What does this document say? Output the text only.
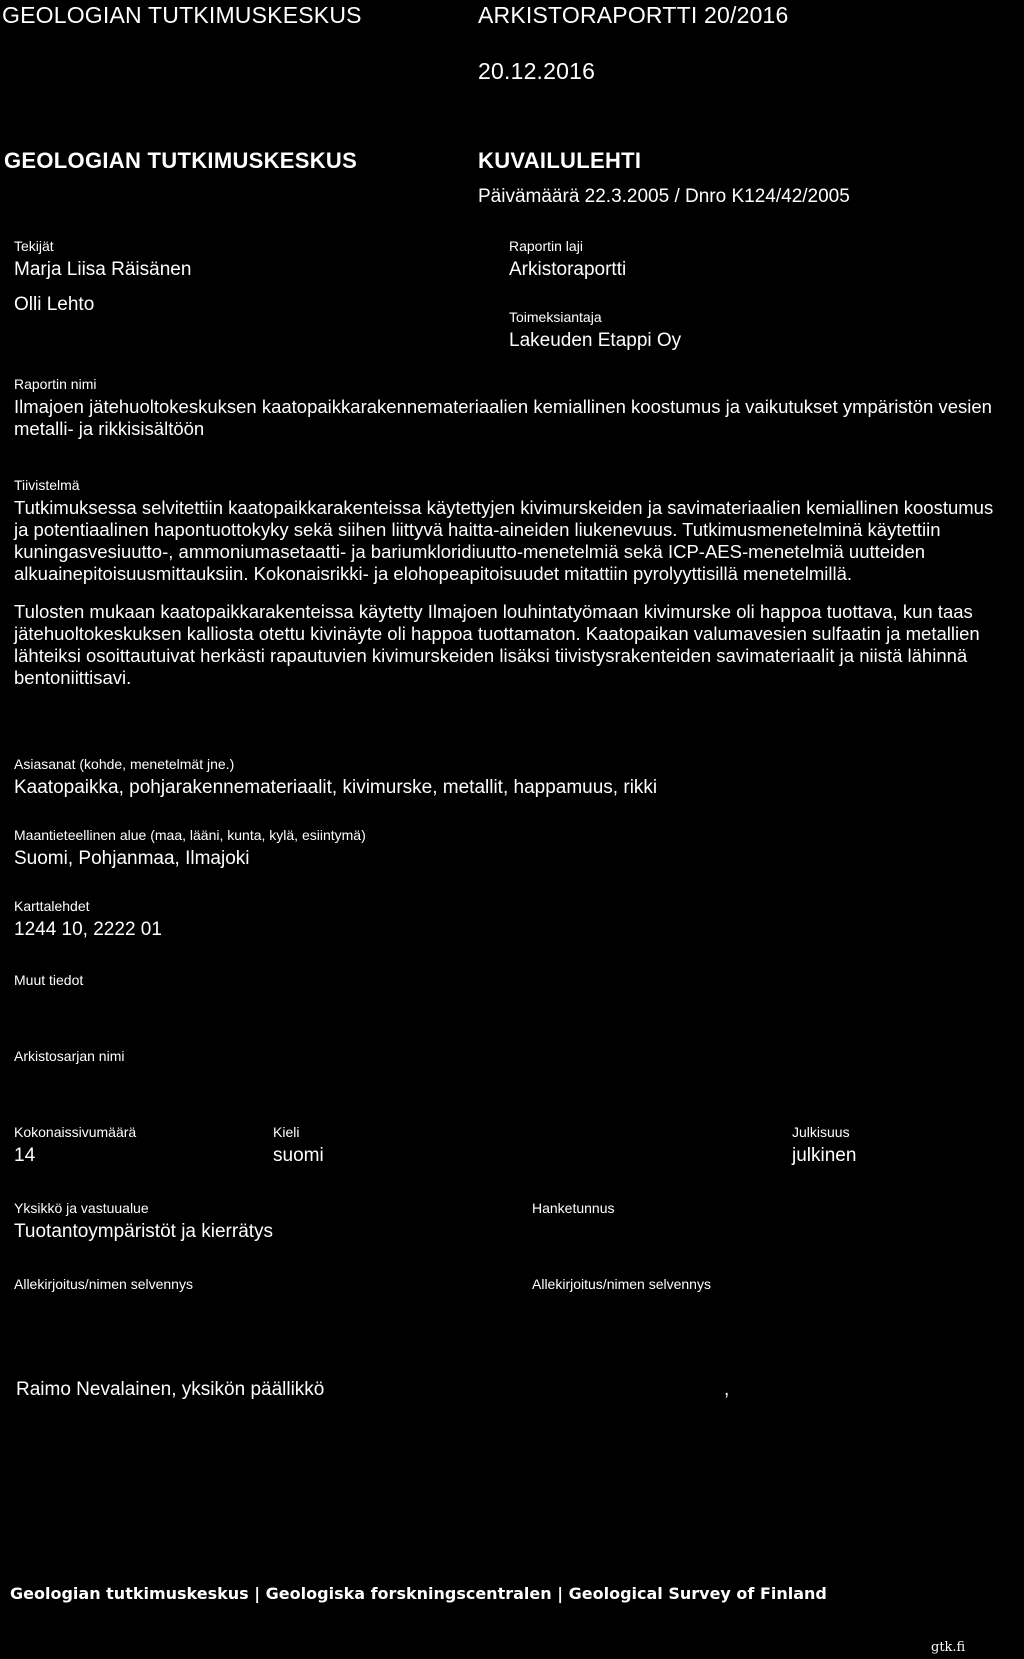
GEOLOGIAN TUTKIMUSKESKUS	ARKISTORAPORTTI 20/2016
20.12.2016
GEOLOGIAN TUTKIMUSKESKUS	KUVAILULEHTI
Päivämäärä 22.3.2005 / Dnro K124/42/2005
Tekijät
Marja Liisa Räisänen
Olli Lehto
Raportin laji
Arkistoraportti
Toimeksiantaja
Lakeuden Etappi Oy
Raportin nimi
Ilmajoen jätehuoltokeskuksen kaatopaikkarakennemateriaalien kemiallinen koostumus ja vaikutukset ympäristön vesien metalli- ja rikkisisältöön
Tiivistelmä

Tutkimuksessa selvitettiin kaatopaikkarakenteissa käytettyjen kivimurskeiden ja savimateriaalien kemiallinen koostumus ja potentiaalinen hapontuottokyky sekä siihen liittyvä haitta-aineiden liukenevuus. Tutkimusmenetelminä käytettiin kuningasvesiuutto-, ammoniumasetaatti- ja bariumkloridiuutto-menetelmiä sekä ICP-AES-menetelmiä uutteiden alkuainepitoisuusmittauksiin. Kokonaisrikki- ja elohopeapitoisuudet mitattiin pyrolyyttisillä menetelmillä.

Tulosten mukaan kaatopaikkarakenteissa käytetty Ilmajoen louhintatyömaan kivimurske oli happoa tuottava, kun taas jätehuoltokeskuksen kalliosta otettu kivinäyte oli happoa tuottamaton. Kaatopaikan valumavesien sulfaatin ja metallien lähteiksi osoittautuivat herkästi rapautuvien kivimurskeiden lisäksi tiivistysrakenteiden savimateriaalit ja niistä lähinnä bentoniittisavi.

Asiasanat (kohde, menetelmät jne.)
Kaatopaikka, pohjarakennemateriaalit, kivimurske, metallit, happamuus, rikki
Maantieteellinen alue (maa, lääni, kunta, kylä, esiintymä)
Suomi, Pohjanmaa, Ilmajoki
Karttalehdet
1244 10, 2222 01
Muut tiedot
Arkistosarjan nimi
Kokonaissivumäärä
14
Kieli
suomi
Julkisuus
julkinen
Yksikkö ja vastuualue
Tuotantoympäristöt ja kierrätys
Hanketunnus
Allekirjoitus/nimen selvennys	Allekirjoitus/nimen selvennys
Raimo Nevalainen, yksikön päällikkö	,
Geologian tutkimuskeskus | Geologiska forskningscentralen | Geological Survey of Finland
gtk.fi
